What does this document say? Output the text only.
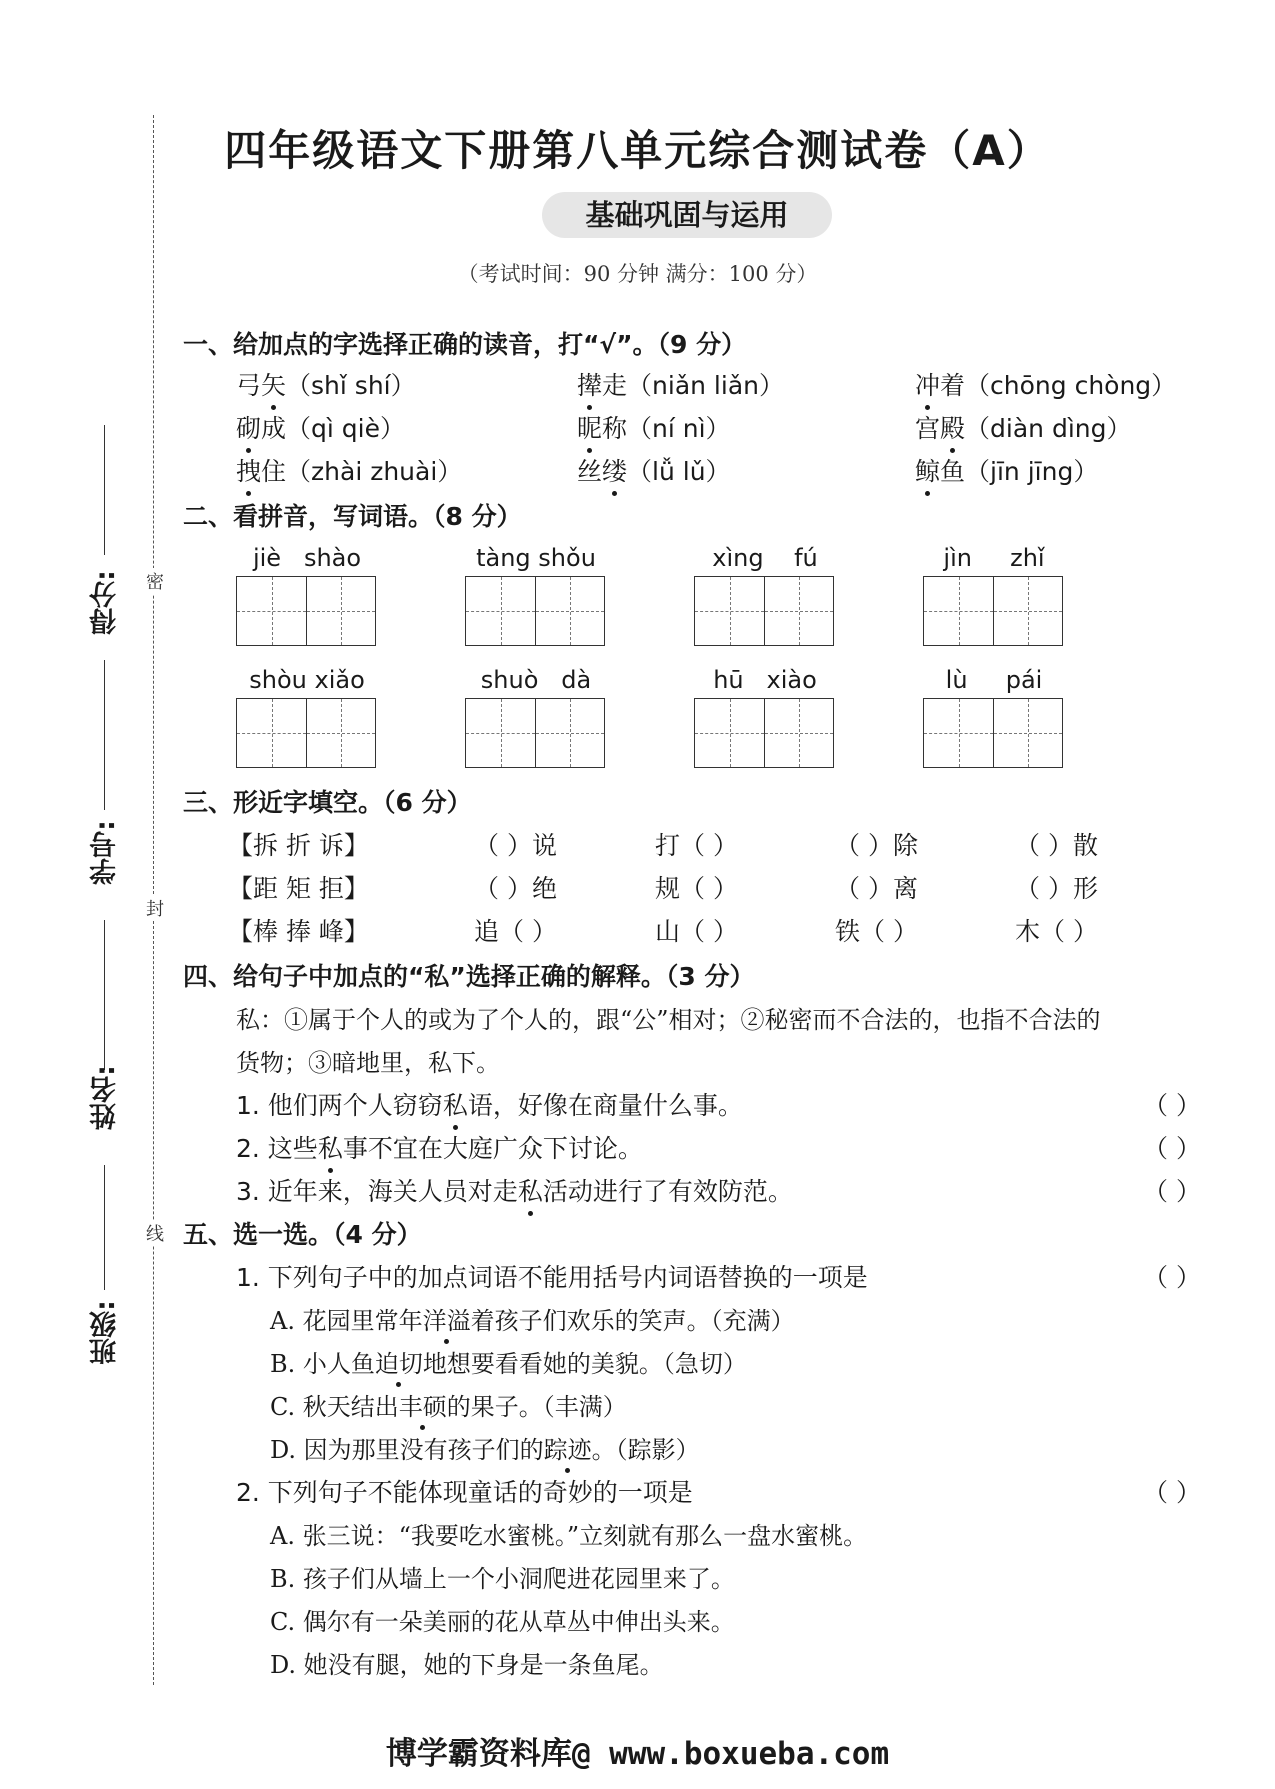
四年级语文下册第八单元综合测试卷（A）
基础巩固与运用
（考试时间：90 分钟 满分：100 分）
密
封
线
得分:
学号:
姓名:
班级:
一、给加点的字选择正确的读音，打“√”。（9 分）
弓矢（shǐ shí）	撵走（niǎn liǎn）	冲着（chōng chòng）
砌成（qì qiè）	昵称（ní nì）	宫殿（diàn dìng）
拽住（zhài zhuài）	丝缕（lǚ lǔ）	鲸鱼（jīn jīng）
二、看拼音，写词语。（8 分）
jiè shào	tàng shǒu	xìng fú	jìn zhǐ
shòu xiǎo	shuò dà	hū xiào	lù pái
三、形近字填空。（6 分）
【拆 折 诉】	（ ）说	打（ ）	（ ）除	（ ）散
【距 矩 拒】	（ ）绝	规（ ）	（ ）离	（ ）形
【棒 捧 峰】	追（ ）	山（ ）	铁（ ）	木（ ）
四、给句子中加点的“私”选择正确的解释。（3 分）
私：①属于个人的或为了个人的，跟“公”相对；②秘密而不合法的，也指不合法的
货物；③暗地里，私下。
1. 他们两个人窃窃私语，好像在商量什么事。	（ ）
2. 这些私事不宜在大庭广众下讨论。	（ ）
3. 近年来，海关人员对走私活动进行了有效防范。	（ ）
五、选一选。（4 分）
1. 下列句子中的加点词语不能用括号内词语替换的一项是	（ ）
A. 花园里常年洋溢着孩子们欢乐的笑声。（充满）
B. 小人鱼迫切地想要看看她的美貌。（急切）
C. 秋天结出丰硕的果子。（丰满）
D. 因为那里没有孩子们的踪迹。（踪影）
2. 下列句子不能体现童话的奇妙的一项是	（ ）
A. 张三说：“我要吃水蜜桃。”立刻就有那么一盘水蜜桃。
B. 孩子们从墙上一个小洞爬进花园里来了。
C. 偶尔有一朵美丽的花从草丛中伸出头来。
D. 她没有腿，她的下身是一条鱼尾。
博学霸资料库@ www.boxueba.com
